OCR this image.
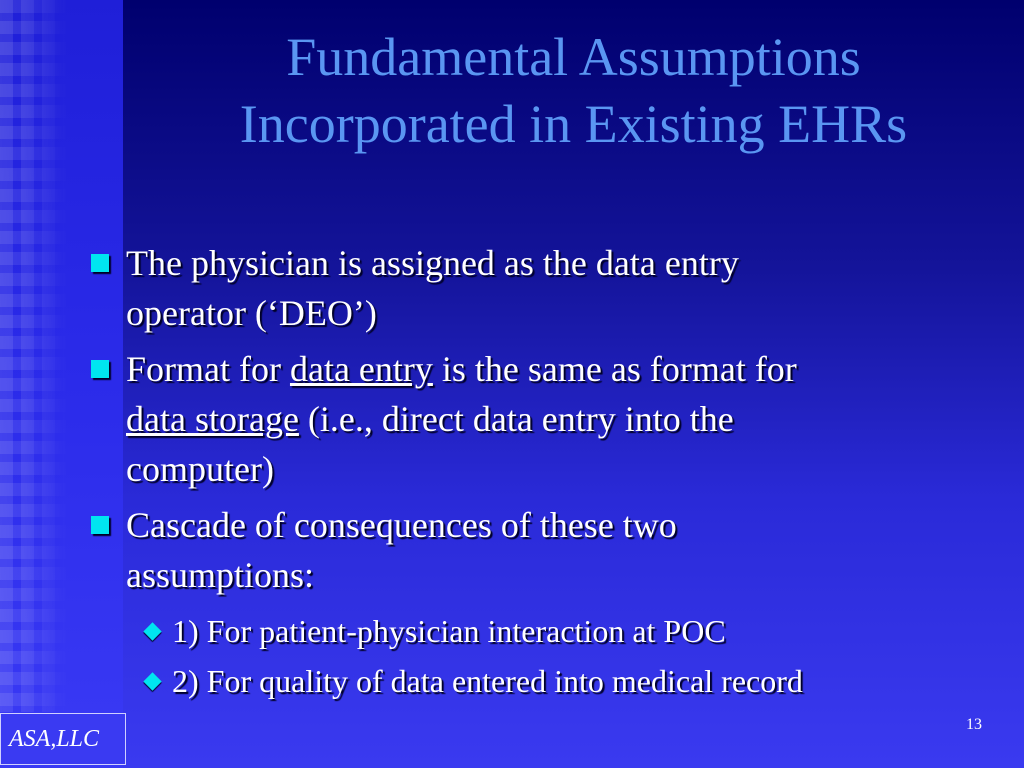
Fundamental Assumptions
Incorporated in Existing EHRs
The physician is assigned as the data entry
operator (‘DEO’)
Format for data entry is the same as format for
data storage (i.e., direct data entry into the
computer)
Cascade of consequences of these two
assumptions:
1) For patient-physician interaction at POC
2) For quality of data entered into medical record
ASA,LLC
13
